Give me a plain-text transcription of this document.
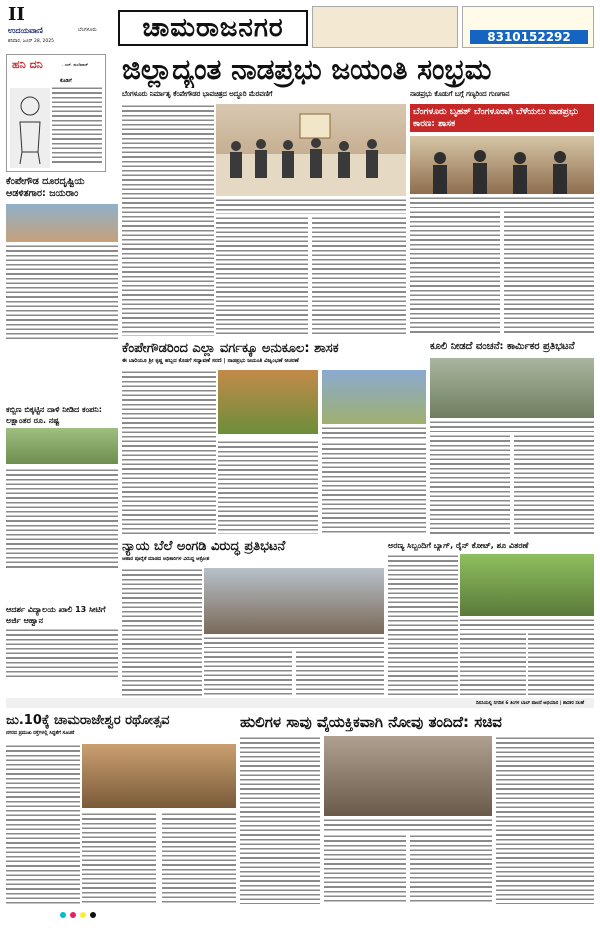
II
ಉದಯವಾಣಿ	ಬೆಂಗಳೂರು
ಶನಿವಾರ, ಜೂನ್ 28, 2025	ಚಾಮರಾಜನಗರ	8310152292
ಹನಿ ದನಿ	- ಎಚ್. ಡುಂಡಿರಾಜ್
ಕೊಡಿಗೆ
ಕೆಂಪೇಗೌಡ ದೂರದೃಷ್ಟಿಯ ಆಡಳಿತಗಾರ: ಜಯರಾಂ
ಕಬ್ಬಿಣ ಬಿಕ್ಕಟ್ಟಿನ ದಾಳಿ ನೀಡಿದ ಕಂಪನಿ: ಲಕ್ಷಾಂತರ ರೂ. ನಷ್ಟ
ಆದರ್ಶ ವಿದ್ಯಾಲಯ ಖಾಲಿ 13 ಸೀಟಿಗೆ ಅರ್ಜಿ ಆಹ್ವಾನ
ಜಿಲ್ಲಾದ್ಯಂತ ನಾಡಪ್ರಭು ಜಯಂತಿ ಸಂಭ್ರಮ
ಬೆಂಗಳೂರು ನಿರ್ಮಾತೃ ಕೆಂಪೇಗೌಡರ ಭಾವಚಿತ್ರದ ಅದ್ಧೂರಿ ಮೆರವಣಿಗೆ	ನಾಡಪ್ರಭು ಕೊಡುಗೆ ಬಗ್ಗೆ ಗಣ್ಯರಿಂದ ಗುಣಗಾನ
ಬೆಂಗಳೂರು ಬೃಹತ್ ಬೆಂಗಳೂರಾಗಿ ಬೆಳೆಯಲು ನಾಡಪ್ರಭು ಕಾರಣ: ಶಾಸಕ
ಕೆಂಪೇಗೌಡರಿಂದ ಎಲ್ಲಾ ವರ್ಗಕ್ಕೂ ಅನುಕೂಲ: ಶಾಸಕ
ಈ ಬಾರಿಯೂ ಶ್ರೀ ಕೃಷ್ಣ ಹಬ್ಬದ ಕೊಡಗೆ ಸದ್ಯಾವಣೆ ಸರಣಿ | ನಾಡಪ್ರಭು ಜಯಂತಿ ವಿಜೃಂಭಣೆ ಆಚರಣೆ
ಕೂಲಿ ನೀಡದೆ ವಂಚನೆ: ಕಾರ್ಮಿಕರ ಪ್ರತಿಭಟನೆ
ನ್ಯಾಯ ಬೆಲೆ ಅಂಗಡಿ ವಿರುದ್ಧ ಪ್ರತಿಭಟನೆ
ಆಹಾರ ಪೂರೈಕೆ ಮಾಡದ ಅಧಿಕಾರಿಗಳ ವಿರುದ್ಧ ಆಕ್ರೋಶ
ಅರಣ್ಯ ಸಿಬ್ಬಂದಿಗೆ ಬ್ಯಾಗ್, ರೈನ್ ಕೋಟ್, ಶೂ ವಿತರಣೆ
ದಿನಸಿಯಲ್ಲಿ ನಿಗದಿತ 6 ತಿಂಗಳ ಬಾಬ್ ಪಾಲನೆ ಅಭಿಯಾನ | ಶಾಸಕರ ಸಲಹೆ
ಜು.10ಕ್ಕೆ ಚಾಮರಾಜೇಶ್ವರ ರಥೋತ್ಸವ
ನಗರದ ಪ್ರಮುಖ ರಸ್ತೆಗಳಲ್ಲಿ ಸಿದ್ಧತೆಗೆ ಸೂಚನೆ
ಹುಲಿಗಳ ಸಾವು ವೈಯಕ್ತಿಕವಾಗಿ ನೋವು ತಂದಿದೆ: ಸಚಿವ
